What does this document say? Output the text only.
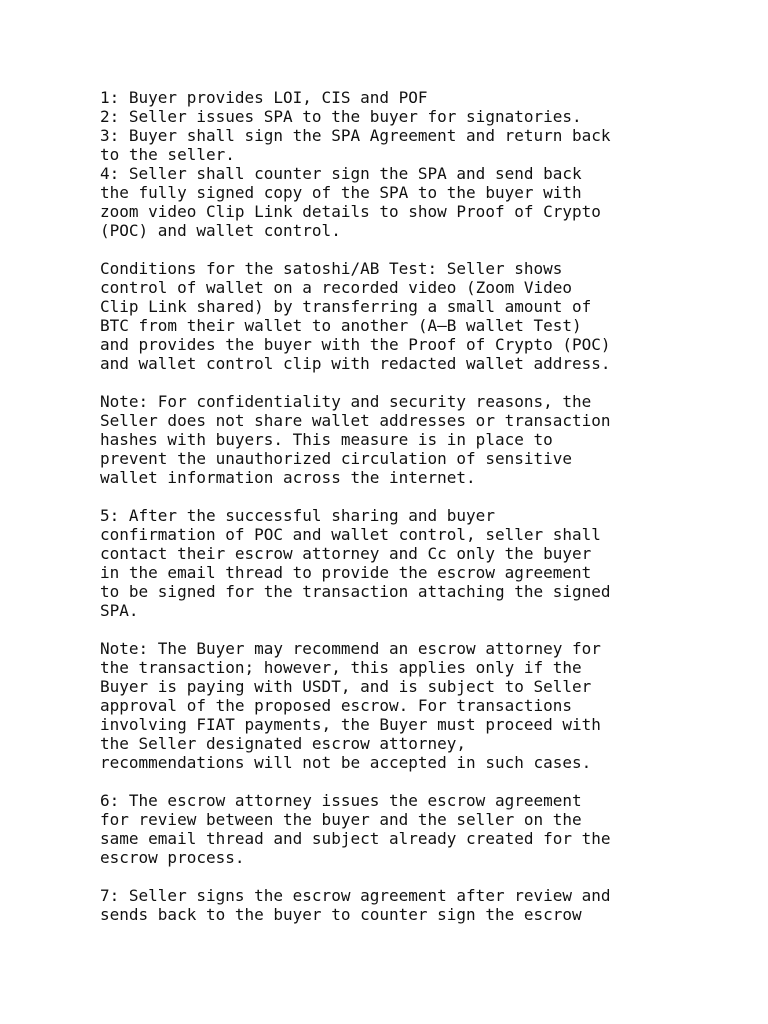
1: Buyer provides LOI, CIS and POF
2: Seller issues SPA to the buyer for signatories.
3: Buyer shall sign the SPA Agreement and return back
to the seller.
4: Seller shall counter sign the SPA and send back
the fully signed copy of the SPA to the buyer with
zoom video Clip Link details to show Proof of Crypto
(POC) and wallet control.
Conditions for the satoshi/AB Test: Seller shows
control of wallet on a recorded video (Zoom Video
Clip Link shared) by transferring a small amount of
BTC from their wallet to another (A–B wallet Test)
and provides the buyer with the Proof of Crypto (POC)
and wallet control clip with redacted wallet address.
Note: For confidentiality and security reasons, the
Seller does not share wallet addresses or transaction
hashes with buyers. This measure is in place to
prevent the unauthorized circulation of sensitive
wallet information across the internet.
5: After the successful sharing and buyer
confirmation of POC and wallet control, seller shall
contact their escrow attorney and Cc only the buyer
in the email thread to provide the escrow agreement
to be signed for the transaction attaching the signed
SPA.
Note: The Buyer may recommend an escrow attorney for
the transaction; however, this applies only if the
Buyer is paying with USDT, and is subject to Seller
approval of the proposed escrow. For transactions
involving FIAT payments, the Buyer must proceed with
the Seller designated escrow attorney,
recommendations will not be accepted in such cases.
6: The escrow attorney issues the escrow agreement
for review between the buyer and the seller on the
same email thread and subject already created for the
escrow process.
7: Seller signs the escrow agreement after review and
sends back to the buyer to counter sign the escrow
